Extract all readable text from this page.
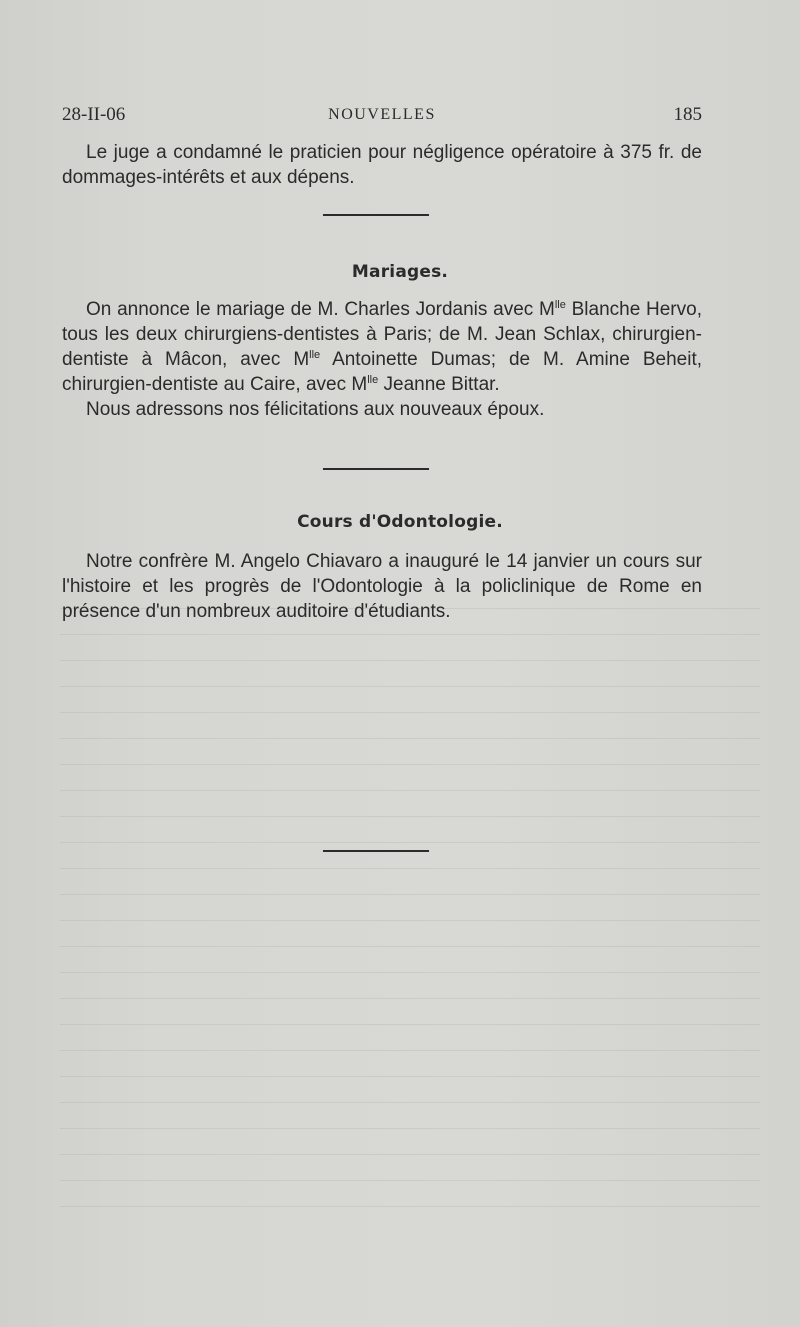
28-II-06	NOUVELLES	185

Le juge a condamné le praticien pour négligence opératoire à 375 fr. de dommages-intérêts et aux dépens.

Mariages.

On annonce le mariage de M. Charles Jordanis avec $M^{lle}$ Blanche Hervo, tous les deux chirurgiens-dentistes à Paris; de M. Jean Schlax, chirurgien-dentiste à Mâcon, avec $M^{lle}$ Antoinette Dumas; de M. Amine Beheit, chirurgien-dentiste au Caire, avec $M^{lle}$ Jeanne Bittar.

Nous adressons nos félicitations aux nouveaux époux.

Cours d'Odontologie.

Notre confrère M. Angelo Chiavaro a inauguré le 14 janvier un cours sur l'histoire et les progrès de l'Odontologie à la policlinique de Rome en présence d'un nombreux auditoire d'étudiants.
